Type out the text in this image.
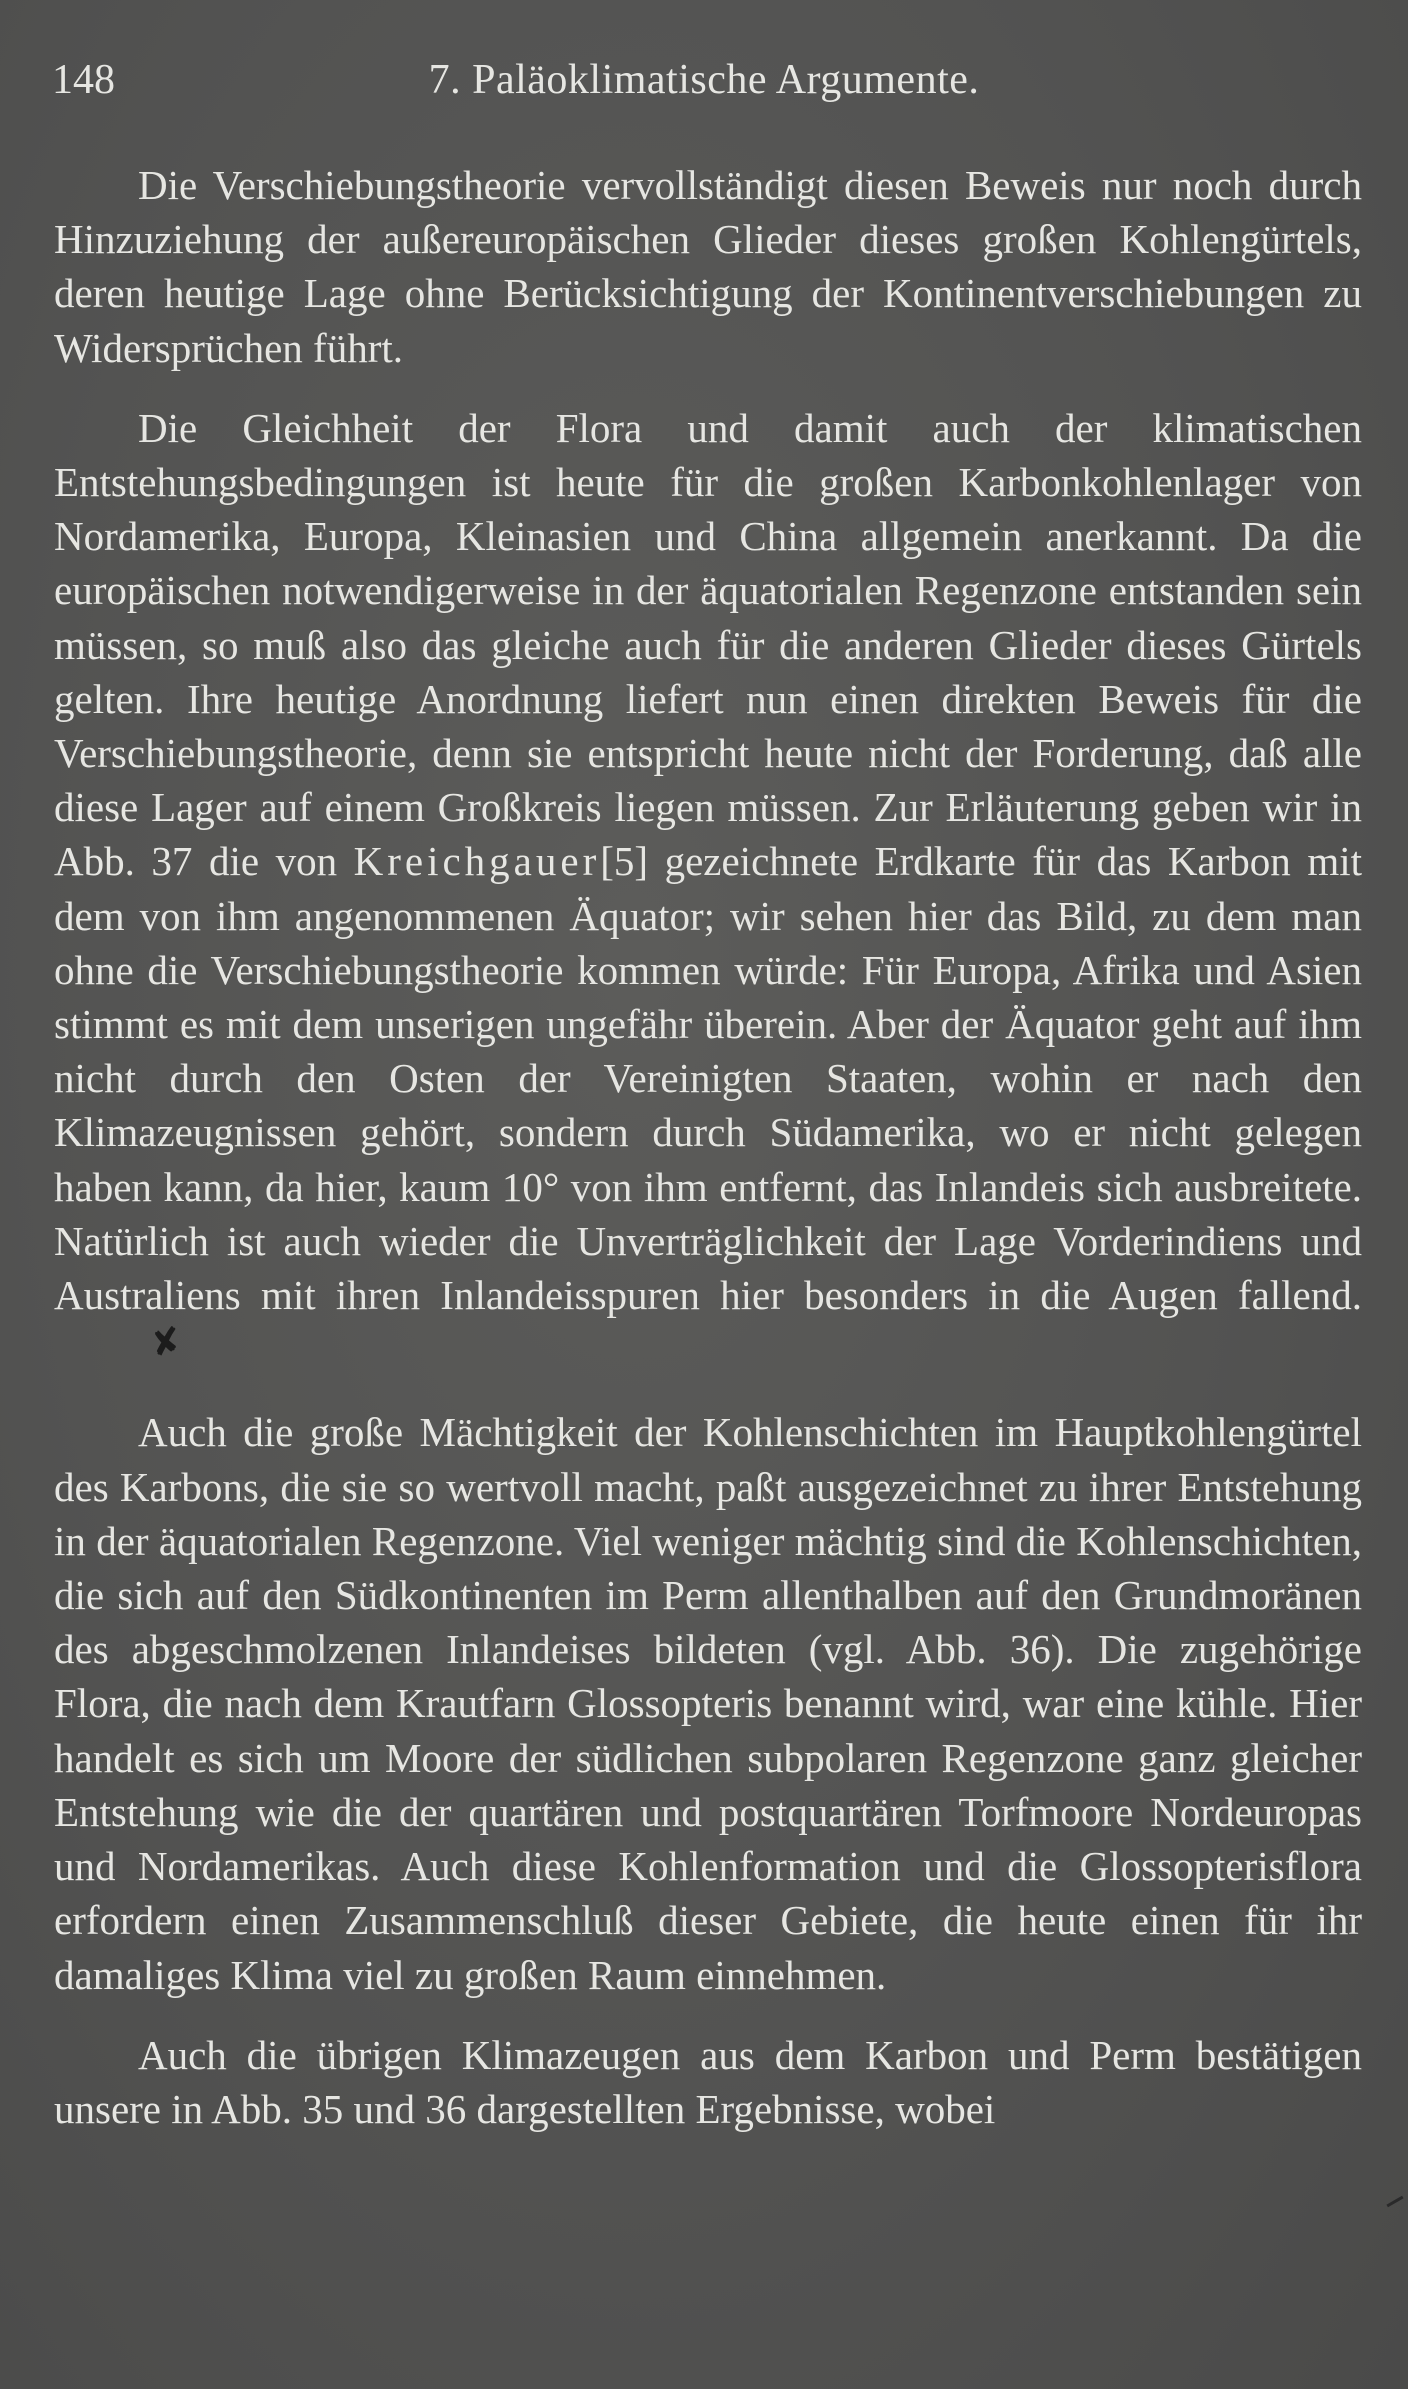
148	7. Paläoklimatische Argumente.

Die Verschiebungstheorie vervollständigt diesen Beweis nur noch durch Hinzuziehung der außereuropäischen Glieder dieses großen Kohlengürtels, deren heutige Lage ohne Berücksichtigung der Kontinentverschiebungen zu Widersprüchen führt.

Die Gleichheit der Flora und damit auch der klimatischen Entstehungsbedingungen ist heute für die großen Karbonkohlenlager von Nordamerika, Europa, Kleinasien und China allgemein anerkannt. Da die europäischen notwendigerweise in der äquatorialen Regenzone entstanden sein müssen, so muß also das gleiche auch für die anderen Glieder dieses Gürtels gelten. Ihre heutige Anordnung liefert nun einen direkten Beweis für die Verschiebungstheorie, denn sie entspricht heute nicht der Forderung, daß alle diese Lager auf einem Großkreis liegen müssen. Zur Erläuterung geben wir in Abb. 37 die von Kreichgauer[5] gezeichnete Erdkarte für das Karbon mit dem von ihm angenommenen Äquator; wir sehen hier das Bild, zu dem man ohne die Verschiebungstheorie kommen würde: Für Europa, Afrika und Asien stimmt es mit dem unserigen ungefähr überein. Aber der Äquator geht auf ihm nicht durch den Osten der Vereinigten Staaten, wohin er nach den Klimazeugnissen gehört, sondern durch Südamerika, wo er nicht gelegen haben kann, da hier, kaum 10° von ihm entfernt, das Inlandeis sich ausbreitete. Natürlich ist auch wieder die Unverträglichkeit der Lage Vorderindiens und Australiens mit ihren Inlandeisspuren hier besonders in die Augen fallend.✘

Auch die große Mächtigkeit der Kohlenschichten im Hauptkohlengürtel des Karbons, die sie so wertvoll macht, paßt ausgezeichnet zu ihrer Entstehung in der äquatorialen Regenzone. Viel weniger mächtig sind die Kohlenschichten, die sich auf den Südkontinenten im Perm allenthalben auf den Grundmoränen des abgeschmolzenen Inlandeises bildeten (vgl. Abb. 36). Die zugehörige Flora, die nach dem Krautfarn Glossopteris benannt wird, war eine kühle. Hier handelt es sich um Moore der südlichen subpolaren Regenzone ganz gleicher Entstehung wie die der quartären und postquartären Torfmoore Nordeuropas und Nordamerikas. Auch diese Kohlenformation und die Glossopterisflora erfordern einen Zusammenschluß dieser Gebiete, die heute einen für ihr damaliges Klima viel zu großen Raum einnehmen.

Auch die übrigen Klimazeugen aus dem Karbon und Perm bestätigen unsere in Abb. 35 und 36 dargestellten Ergebnisse, wobei
